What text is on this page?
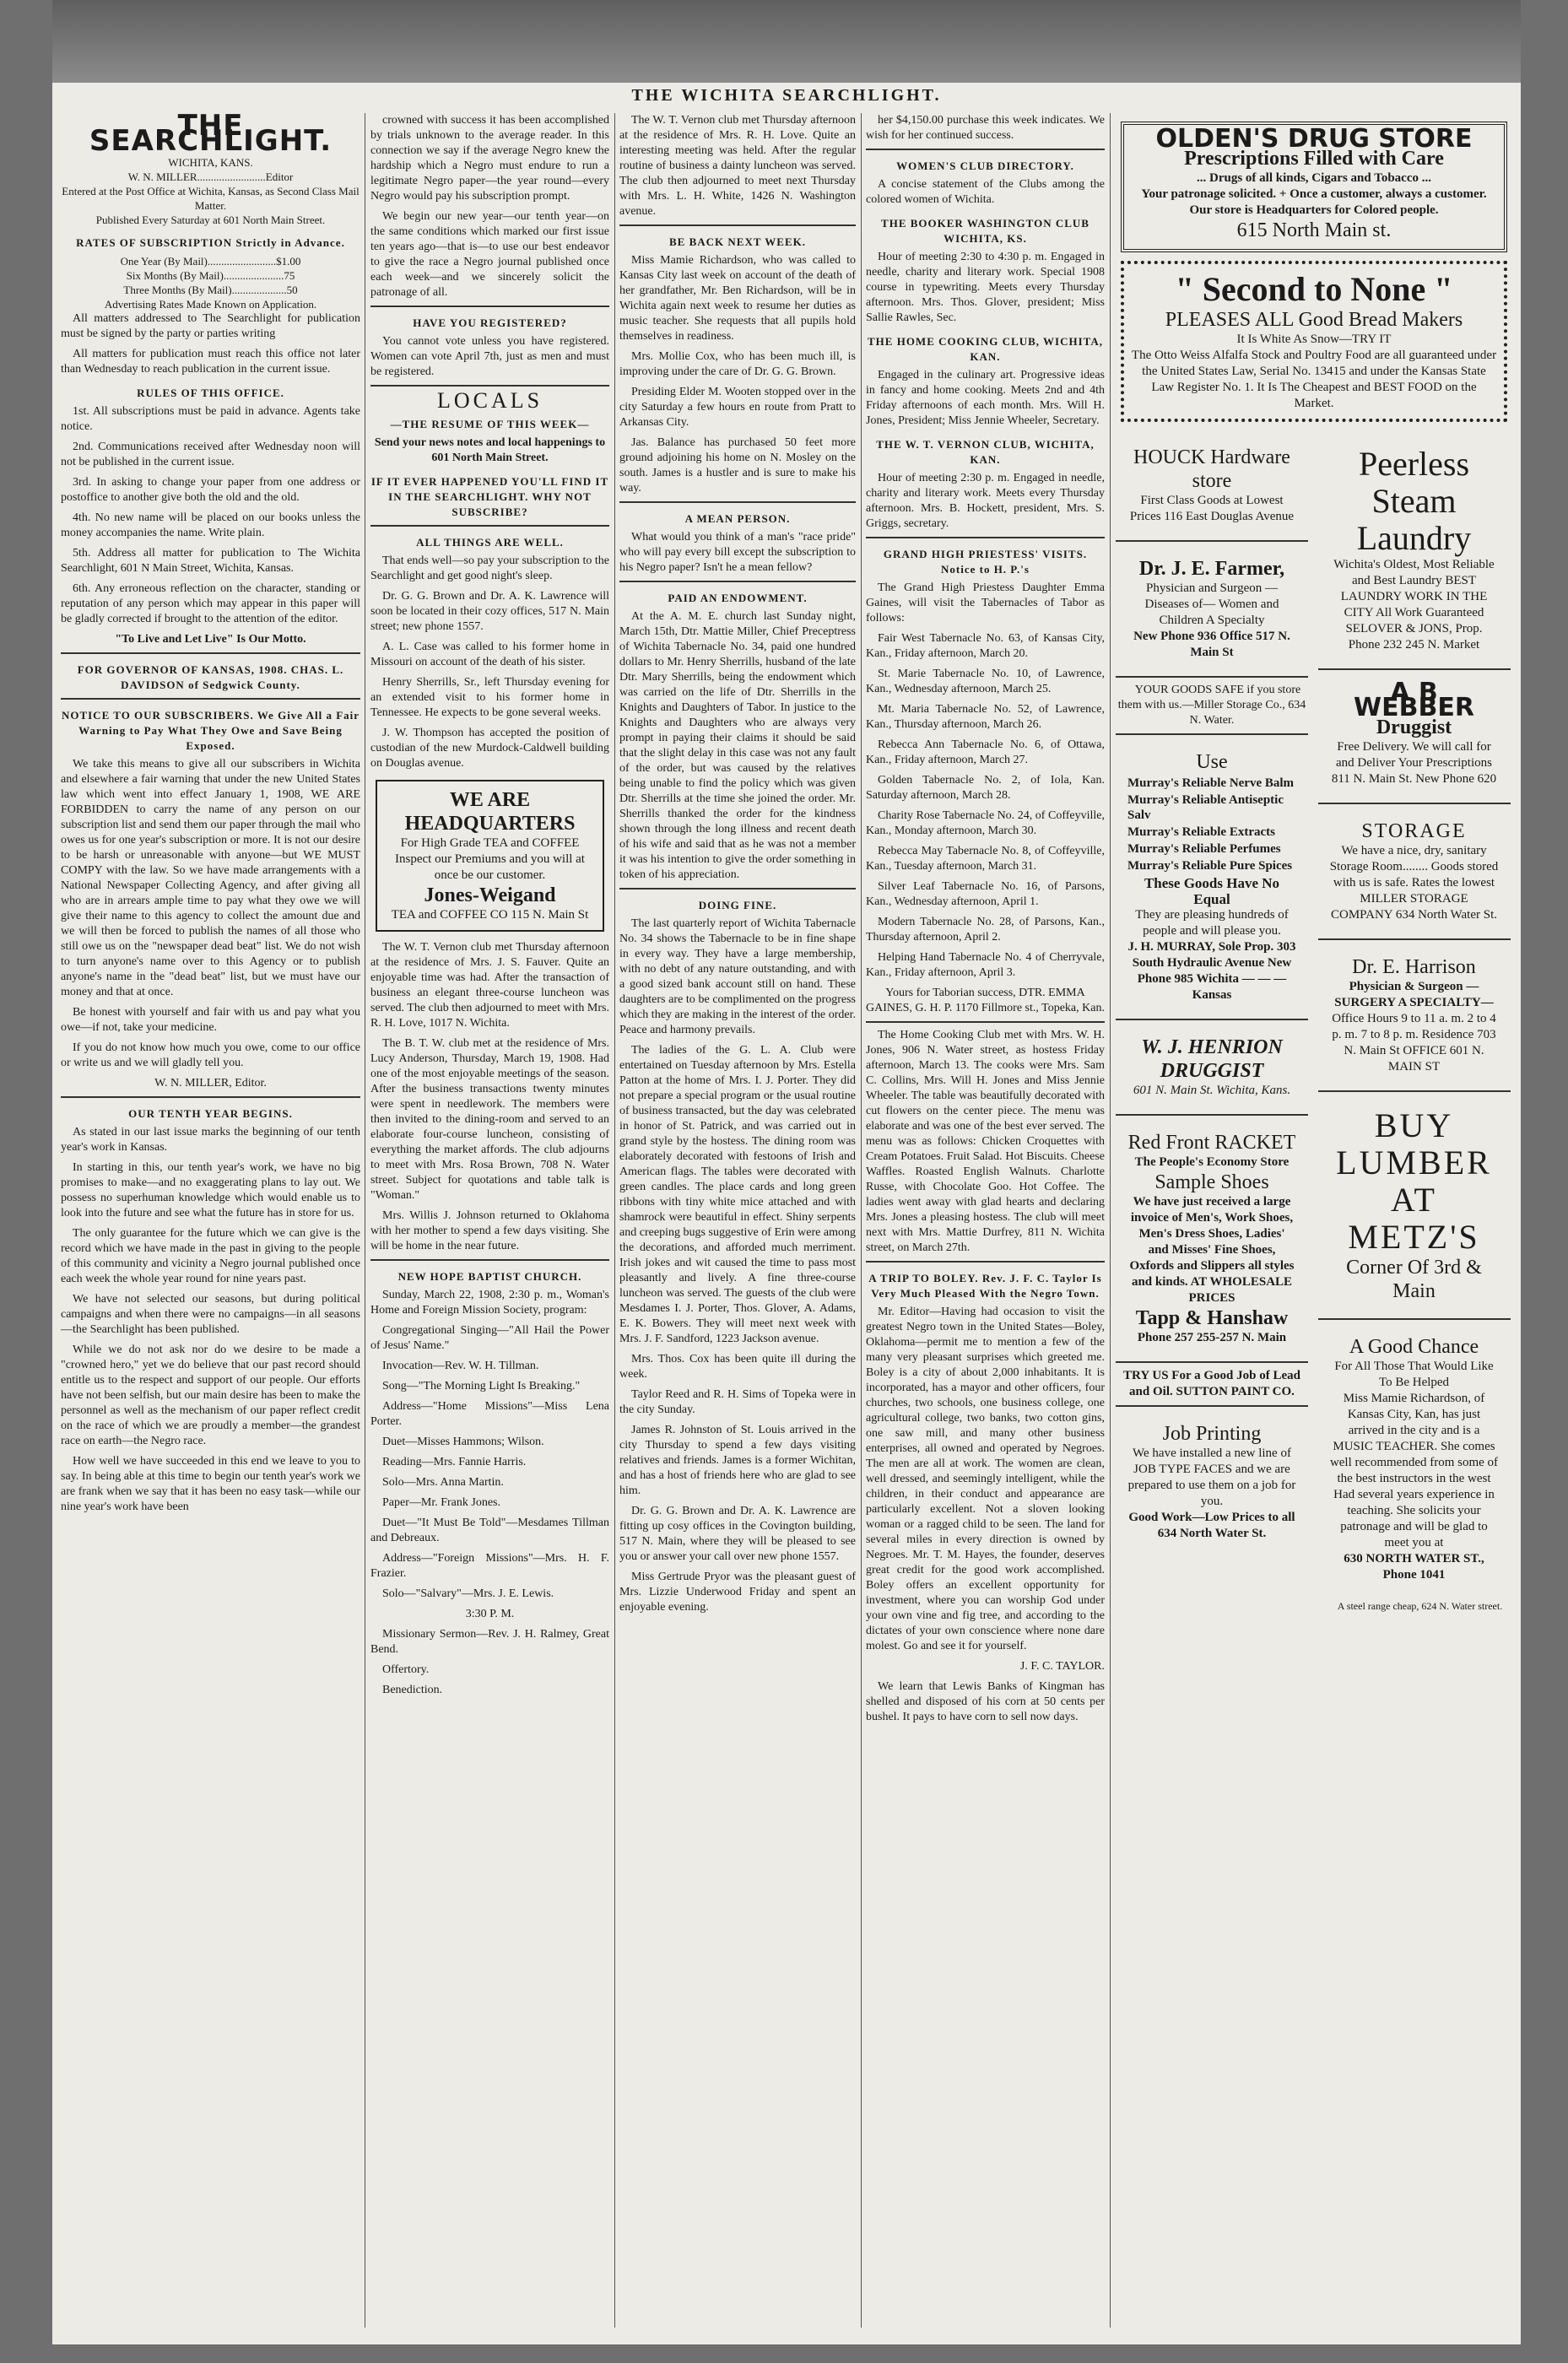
THE WICHITA SEARCHLIGHT.
THE SEARCHLIGHT.
WICHITA, KANS.
W. N. MILLER.........................Editor
Entered at the Post Office at Wichita, Kansas, as Second Class Mail Matter.
Published Every Saturday at 601 North Main Street.
RATES OF SUBSCRIPTION Strictly in Advance.
One Year (By Mail).........................$1.00
Six Months (By Mail)......................75
Three Months (By Mail)....................50
Advertising Rates Made Known on Application.

All matters addressed to The Searchlight for publication must be signed by the party or parties writing

All matters for publication must reach this office not later than Wednesday to reach publication in the current issue.

RULES OF THIS OFFICE.

1st. All subscriptions must be paid in advance. Agents take notice.

2nd. Communications received after Wednesday noon will not be published in the current issue.

3rd. In asking to change your paper from one address or postoffice to another give both the old and the old.

4th. No new name will be placed on our books unless the money accompanies the name. Write plain.

5th. Address all matter for publication to The Wichita Searchlight, 601 N Main Street, Wichita, Kansas.

6th. Any erroneous reflection on the character, standing or reputation of any person which may appear in this paper will be gladly corrected if brought to the attention of the editor.

"To Live and Let Live" Is Our Motto.

FOR GOVERNOR OF KANSAS, 1908. CHAS. L. DAVIDSON of Sedgwick County.
NOTICE TO OUR SUBSCRIBERS. We Give All a Fair Warning to Pay What They Owe and Save Being Exposed.

We take this means to give all our subscribers in Wichita and elsewhere a fair warning that under the new United States law which went into effect January 1, 1908, WE ARE FORBIDDEN to carry the name of any person on our subscription list and send them our paper through the mail who owes us for one year's subscription or more. It is not our desire to be harsh or unreasonable with anyone—but WE MUST COMPY with the law. So we have made arrangements with a National Newspaper Collecting Agency, and after giving all who are in arrears ample time to pay what they owe we will give their name to this agency to collect the amount due and we will then be forced to publish the names of all those who still owe us on the "newspaper dead beat" list. We do not wish to turn anyone's name over to this Agency or to publish anyone's name in the "dead beat" list, but we must have our money and that at once.

Be honest with yourself and fair with us and pay what you owe—if not, take your medicine.

If you do not know how much you owe, come to our office or write us and we will gladly tell you.

W. N. MILLER, Editor.

OUR TENTH YEAR BEGINS.

As stated in our last issue marks the beginning of our tenth year's work in Kansas.

In starting in this, our tenth year's work, we have no big promises to make—and no exaggerating plans to lay out. We possess no superhuman knowledge which would enable us to look into the future and see what the future has in store for us.

The only guarantee for the future which we can give is the record which we have made in the past in giving to the people of this community and vicinity a Negro journal published once each week the whole year round for nine years past.

We have not selected our seasons, but during political campaigns and when there were no campaigns—in all seasons—the Searchlight has been published.

While we do not ask nor do we desire to be made a "crowned hero," yet we do believe that our past record should entitle us to the respect and support of our people. Our efforts have not been selfish, but our main desire has been to make the personnel as well as the mechanism of our paper reflect credit on the race of which we are proudly a member—the grandest race on earth—the Negro race.

How well we have succeeded in this end we leave to you to say. In being able at this time to begin our tenth year's work we are frank when we say that it has been no easy task—while our nine year's work have been

crowned with success it has been accomplished by trials unknown to the average reader. In this connection we say if the average Negro knew the hardship which a Negro must endure to run a legitimate Negro paper—the year round—every Negro would pay his subscription prompt.

We begin our new year—our tenth year—on the same conditions which marked our first issue ten years ago—that is—to use our best endeavor to give the race a Negro journal published once each week—and we sincerely solicit the patronage of all.

HAVE YOU REGISTERED?

You cannot vote unless you have registered. Women can vote April 7th, just as men and must be registered.

LOCALS
—THE RESUME OF THIS WEEK—

Send your news notes and local happenings to 601 North Main Street.

IF IT EVER HAPPENED YOU'LL FIND IT IN THE SEARCHLIGHT. WHY NOT SUBSCRIBE?
ALL THINGS ARE WELL.

That ends well—so pay your subscription to the Searchlight and get good night's sleep.

Dr. G. G. Brown and Dr. A. K. Lawrence will soon be located in their cozy offices, 517 N. Main street; new phone 1557.

A. L. Case was called to his former home in Missouri on account of the death of his sister.

Henry Sherrills, Sr., left Thursday evening for an extended visit to his former home in Tennessee. He expects to be gone several weeks.

J. W. Thompson has accepted the position of custodian of the new Murdock-Caldwell building on Douglas avenue.

WE ARE HEADQUARTERS
For High Grade TEA and COFFEE Inspect our Premiums and you will at once be our customer.
Jones-Weigand
TEA and COFFEE CO 115 N. Main St

The W. T. Vernon club met Thursday afternoon at the residence of Mrs. J. S. Fauver. Quite an enjoyable time was had. After the transaction of business an elegant three-course luncheon was served. The club then adjourned to meet with Mrs. R. H. Love, 1017 N. Wichita.

The B. T. W. club met at the residence of Mrs. Lucy Anderson, Thursday, March 19, 1908. Had one of the most enjoyable meetings of the season. After the business transactions twenty minutes were spent in needlework. The members were then invited to the dining-room and served to an elaborate four-course luncheon, consisting of everything the market affords. The club adjourns to meet with Mrs. Rosa Brown, 708 N. Water street. Subject for quotations and table talk is "Woman."

Mrs. Willis J. Johnson returned to Oklahoma with her mother to spend a few days visiting. She will be home in the near future.

NEW HOPE BAPTIST CHURCH.

Sunday, March 22, 1908, 2:30 p. m., Woman's Home and Foreign Mission Society, program:

Congregational Singing—"All Hail the Power of Jesus' Name."

Invocation—Rev. W. H. Tillman.

Song—"The Morning Light Is Breaking."

Address—"Home Missions"—Miss Lena Porter.

Duet—Misses Hammons; Wilson.

Reading—Mrs. Fannie Harris.

Solo—Mrs. Anna Martin.

Paper—Mr. Frank Jones.

Duet—"It Must Be Told"—Mesdames Tillman and Debreaux.

Address—"Foreign Missions"—Mrs. H. F. Frazier.

Solo—"Salvary"—Mrs. J. E. Lewis.

3:30 P. M.

Missionary Sermon—Rev. J. H. Ralmey, Great Bend.

Offertory.

Benediction.

The W. T. Vernon club met Thursday afternoon at the residence of Mrs. R. H. Love. Quite an interesting meeting was held. After the regular routine of business a dainty luncheon was served. The club then adjourned to meet next Thursday with Mrs. L. H. White, 1426 N. Washington avenue.

BE BACK NEXT WEEK.

Miss Mamie Richardson, who was called to Kansas City last week on account of the death of her grandfather, Mr. Ben Richardson, will be in Wichita again next week to resume her duties as music teacher. She requests that all pupils hold themselves in readiness.

Mrs. Mollie Cox, who has been much ill, is improving under the care of Dr. G. G. Brown.

Presiding Elder M. Wooten stopped over in the city Saturday a few hours en route from Pratt to Arkansas City.

Jas. Balance has purchased 50 feet more ground adjoining his home on N. Mosley on the south. James is a hustler and is sure to make his way.

A MEAN PERSON.

What would you think of a man's "race pride" who will pay every bill except the subscription to his Negro paper? Isn't he a mean fellow?

PAID AN ENDOWMENT.

At the A. M. E. church last Sunday night, March 15th, Dtr. Mattie Miller, Chief Preceptress of Wichita Tabernacle No. 34, paid one hundred dollars to Mr. Henry Sherrills, husband of the late Dtr. Mary Sherrills, being the endowment which was carried on the life of Dtr. Sherrills in the Knights and Daughters of Tabor. In justice to the Knights and Daughters who are always very prompt in paying their claims it should be said that the slight delay in this case was not any fault of the order, but was caused by the relatives being unable to find the policy which was given Dtr. Sherrills at the time she joined the order. Mr. Sherrills thanked the order for the kindness shown through the long illness and recent death of his wife and said that as he was not a member it was his intention to give the order something in token of his appreciation.

DOING FINE.

The last quarterly report of Wichita Tabernacle No. 34 shows the Tabernacle to be in fine shape in every way. They have a large membership, with no debt of any nature outstanding, and with a good sized bank account still on hand. These daughters are to be complimented on the progress which they are making in the interest of the order. Peace and harmony prevails.

The ladies of the G. L. A. Club were entertained on Tuesday afternoon by Mrs. Estella Patton at the home of Mrs. I. J. Porter. They did not prepare a special program or the usual routine of business transacted, but the day was celebrated in honor of St. Patrick, and was carried out in grand style by the hostess. The dining room was elaborately decorated with festoons of Irish and American flags. The tables were decorated with green candles. The place cards and long green ribbons with tiny white mice attached and with shamrock were beautiful in effect. Shiny serpents and creeping bugs suggestive of Erin were among the decorations, and afforded much merriment. Irish jokes and wit caused the time to pass most pleasantly and lively. A fine three-course luncheon was served. The guests of the club were Mesdames I. J. Porter, Thos. Glover, A. Adams, E. K. Bowers. They will meet next week with Mrs. J. F. Sandford, 1223 Jackson avenue.

Mrs. Thos. Cox has been quite ill during the week.

Taylor Reed and R. H. Sims of Topeka were in the city Sunday.

James R. Johnston of St. Louis arrived in the city Thursday to spend a few days visiting relatives and friends. James is a former Wichitan, and has a host of friends here who are glad to see him.

Dr. G. G. Brown and Dr. A. K. Lawrence are fitting up cosy offices in the Covington building, 517 N. Main, where they will be pleased to see you or answer your call over new phone 1557.

Miss Gertrude Pryor was the pleasant guest of Mrs. Lizzie Underwood Friday and spent an enjoyable evening.

her $4,150.00 purchase this week indicates. We wish for her continued success.

WOMEN'S CLUB DIRECTORY.

A concise statement of the Clubs among the colored women of Wichita.

THE BOOKER WASHINGTON CLUB WICHITA, KS.

Hour of meeting 2:30 to 4:30 p. m. Engaged in needle, charity and literary work. Special 1908 course in typewriting. Meets every Thursday afternoon. Mrs. Thos. Glover, president; Miss Sallie Rawles, Sec.

THE HOME COOKING CLUB, WICHITA, KAN.

Engaged in the culinary art. Progressive ideas in fancy and home cooking. Meets 2nd and 4th Friday afternoons of each month. Mrs. Will H. Jones, President; Miss Jennie Wheeler, Secretary.

THE W. T. VERNON CLUB, WICHITA, KAN.

Hour of meeting 2:30 p. m. Engaged in needle, charity and literary work. Meets every Thursday afternoon. Mrs. B. Hockett, president, Mrs. S. Griggs, secretary.

GRAND HIGH PRIESTESS' VISITS. Notice to H. P.'s

The Grand High Priestess Daughter Emma Gaines, will visit the Tabernacles of Tabor as follows:

Fair West Tabernacle No. 63, of Kansas City, Kan., Friday afternoon, March 20.

St. Marie Tabernacle No. 10, of Lawrence, Kan., Wednesday afternoon, March 25.

Mt. Maria Tabernacle No. 52, of Lawrence, Kan., Thursday afternoon, March 26.

Rebecca Ann Tabernacle No. 6, of Ottawa, Kan., Friday afternoon, March 27.

Golden Tabernacle No. 2, of Iola, Kan. Saturday afternoon, March 28.

Charity Rose Tabernacle No. 24, of Coffeyville, Kan., Monday afternoon, March 30.

Rebecca May Tabernacle No. 8, of Coffeyville, Kan., Tuesday afternoon, March 31.

Silver Leaf Tabernacle No. 16, of Parsons, Kan., Wednesday afternoon, April 1.

Modern Tabernacle No. 28, of Parsons, Kan., Thursday afternoon, April 2.

Helping Hand Tabernacle No. 4 of Cherryvale, Kan., Friday afternoon, April 3.

Yours for Taborian success, DTR. EMMA GAINES, G. H. P. 1170 Fillmore st., Topeka, Kan.

The Home Cooking Club met with Mrs. W. H. Jones, 906 N. Water street, as hostess Friday afternoon, March 13. The cooks were Mrs. Sam C. Collins, Mrs. Will H. Jones and Miss Jennie Wheeler. The table was beautifully decorated with cut flowers on the center piece. The menu was elaborate and was one of the best ever served. The menu was as follows: Chicken Croquettes with Cream Potatoes. Fruit Salad. Hot Biscuits. Cheese Waffles. Roasted English Walnuts. Charlotte Russe, with Chocolate Goo. Hot Coffee. The ladies went away with glad hearts and declaring Mrs. Jones a pleasing hostess. The club will meet next with Mrs. Mattie Durfrey, 811 N. Wichita street, on March 27th.

A TRIP TO BOLEY. Rev. J. F. C. Taylor Is Very Much Pleased With the Negro Town.

Mr. Editor—Having had occasion to visit the greatest Negro town in the United States—Boley, Oklahoma—permit me to mention a few of the many very pleasant surprises which greeted me. Boley is a city of about 2,000 inhabitants. It is incorporated, has a mayor and other officers, four churches, two schools, one business college, one agricultural college, two banks, two cotton gins, one saw mill, and many other business enterprises, all owned and operated by Negroes. The men are all at work. The women are clean, well dressed, and seemingly intelligent, while the children, in their conduct and appearance are particularly excellent. Not a sloven looking woman or a ragged child to be seen. The land for several miles in every direction is owned by Negroes. Mr. T. M. Hayes, the founder, deserves great credit for the good work accomplished. Boley offers an excellent opportunity for investment, where you can worship God under your own vine and fig tree, and according to the dictates of your own conscience where none dare molest. Go and see it for yourself.

J. F. C. TAYLOR.

We learn that Lewis Banks of Kingman has shelled and disposed of his corn at 50 cents per bushel. It pays to have corn to sell now days.

OLDEN'S DRUG STORE
Prescriptions Filled with Care
... Drugs of all kinds, Cigars and Tobacco ...
Your patronage solicited. + Once a customer, always a customer. Our store is Headquarters for Colored people.
615 North Main st.
" Second to None "
PLEASES ALL Good Bread Makers
It Is White As Snow—TRY IT
The Otto Weiss Alfalfa Stock and Poultry Food are all guaranteed under the United States Law, Serial No. 13415 and under the Kansas State Law Register No. 1. It Is The Cheapest and BEST FOOD on the Market.
HOUCK Hardware store
First Class Goods at Lowest Prices 116 East Douglas Avenue
Dr. J. E. Farmer,
Physician and Surgeon —Diseases of— Women and Children A Specialty
New Phone 936 Office 517 N. Main St

YOUR GOODS SAFE if you store them with us.—Miller Storage Co., 634 N. Water.

Use
Murray's Reliable Nerve Balm
Murray's Reliable Antiseptic Salv
Murray's Reliable Extracts
Murray's Reliable Perfumes
Murray's Reliable Pure Spices
These Goods Have No Equal
They are pleasing hundreds of people and will please you.
J. H. MURRAY, Sole Prop. 303 South Hydraulic Avenue New Phone 985 Wichita — — — Kansas
W. J. HENRION DRUGGIST
601 N. Main St. Wichita, Kans.
Red Front RACKET
The People's Economy Store
Sample Shoes
We have just received a large invoice of Men's, Work Shoes, Men's Dress Shoes, Ladies' and Misses' Fine Shoes, Oxfords and Slippers all styles and kinds. AT WHOLESALE PRICES
Tapp & Hanshaw
Phone 257 255-257 N. Main
TRY US For a Good Job of Lead and Oil. SUTTON PAINT CO.
Job Printing
We have installed a new line of JOB TYPE FACES and we are prepared to use them on a job for you.
Good Work—Low Prices to all 634 North Water St.

Peerless Steam Laundry
Wichita's Oldest, Most Reliable and Best Laundry BEST LAUNDRY WORK IN THE CITY All Work Guaranteed SELOVER & JONS, Prop. Phone 232 245 N. Market
A B WEBBER
Druggist
Free Delivery. We will call for and Deliver Your Prescriptions 811 N. Main St. New Phone 620
STORAGE
We have a nice, dry, sanitary Storage Room........ Goods stored with us is safe. Rates the lowest MILLER STORAGE COMPANY 634 North Water St.
Dr. E. Harrison
Physician & Surgeon —SURGERY A SPECIALTY—
Office Hours 9 to 11 a. m. 2 to 4 p. m. 7 to 8 p. m. Residence 703 N. Main St OFFICE 601 N. MAIN ST
BUY LUMBER AT
METZ'S
Corner Of 3rd & Main
A Good Chance
For All Those That Would Like To Be Helped
Miss Mamie Richardson, of Kansas City, Kan, has just arrived in the city and is a MUSIC TEACHER. She comes well recommended from some of the best instructors in the west Had several years experience in teaching. She solicits your patronage and will be glad to meet you at
630 NORTH WATER ST., Phone 1041

A steel range cheap, 624 N. Water street.
